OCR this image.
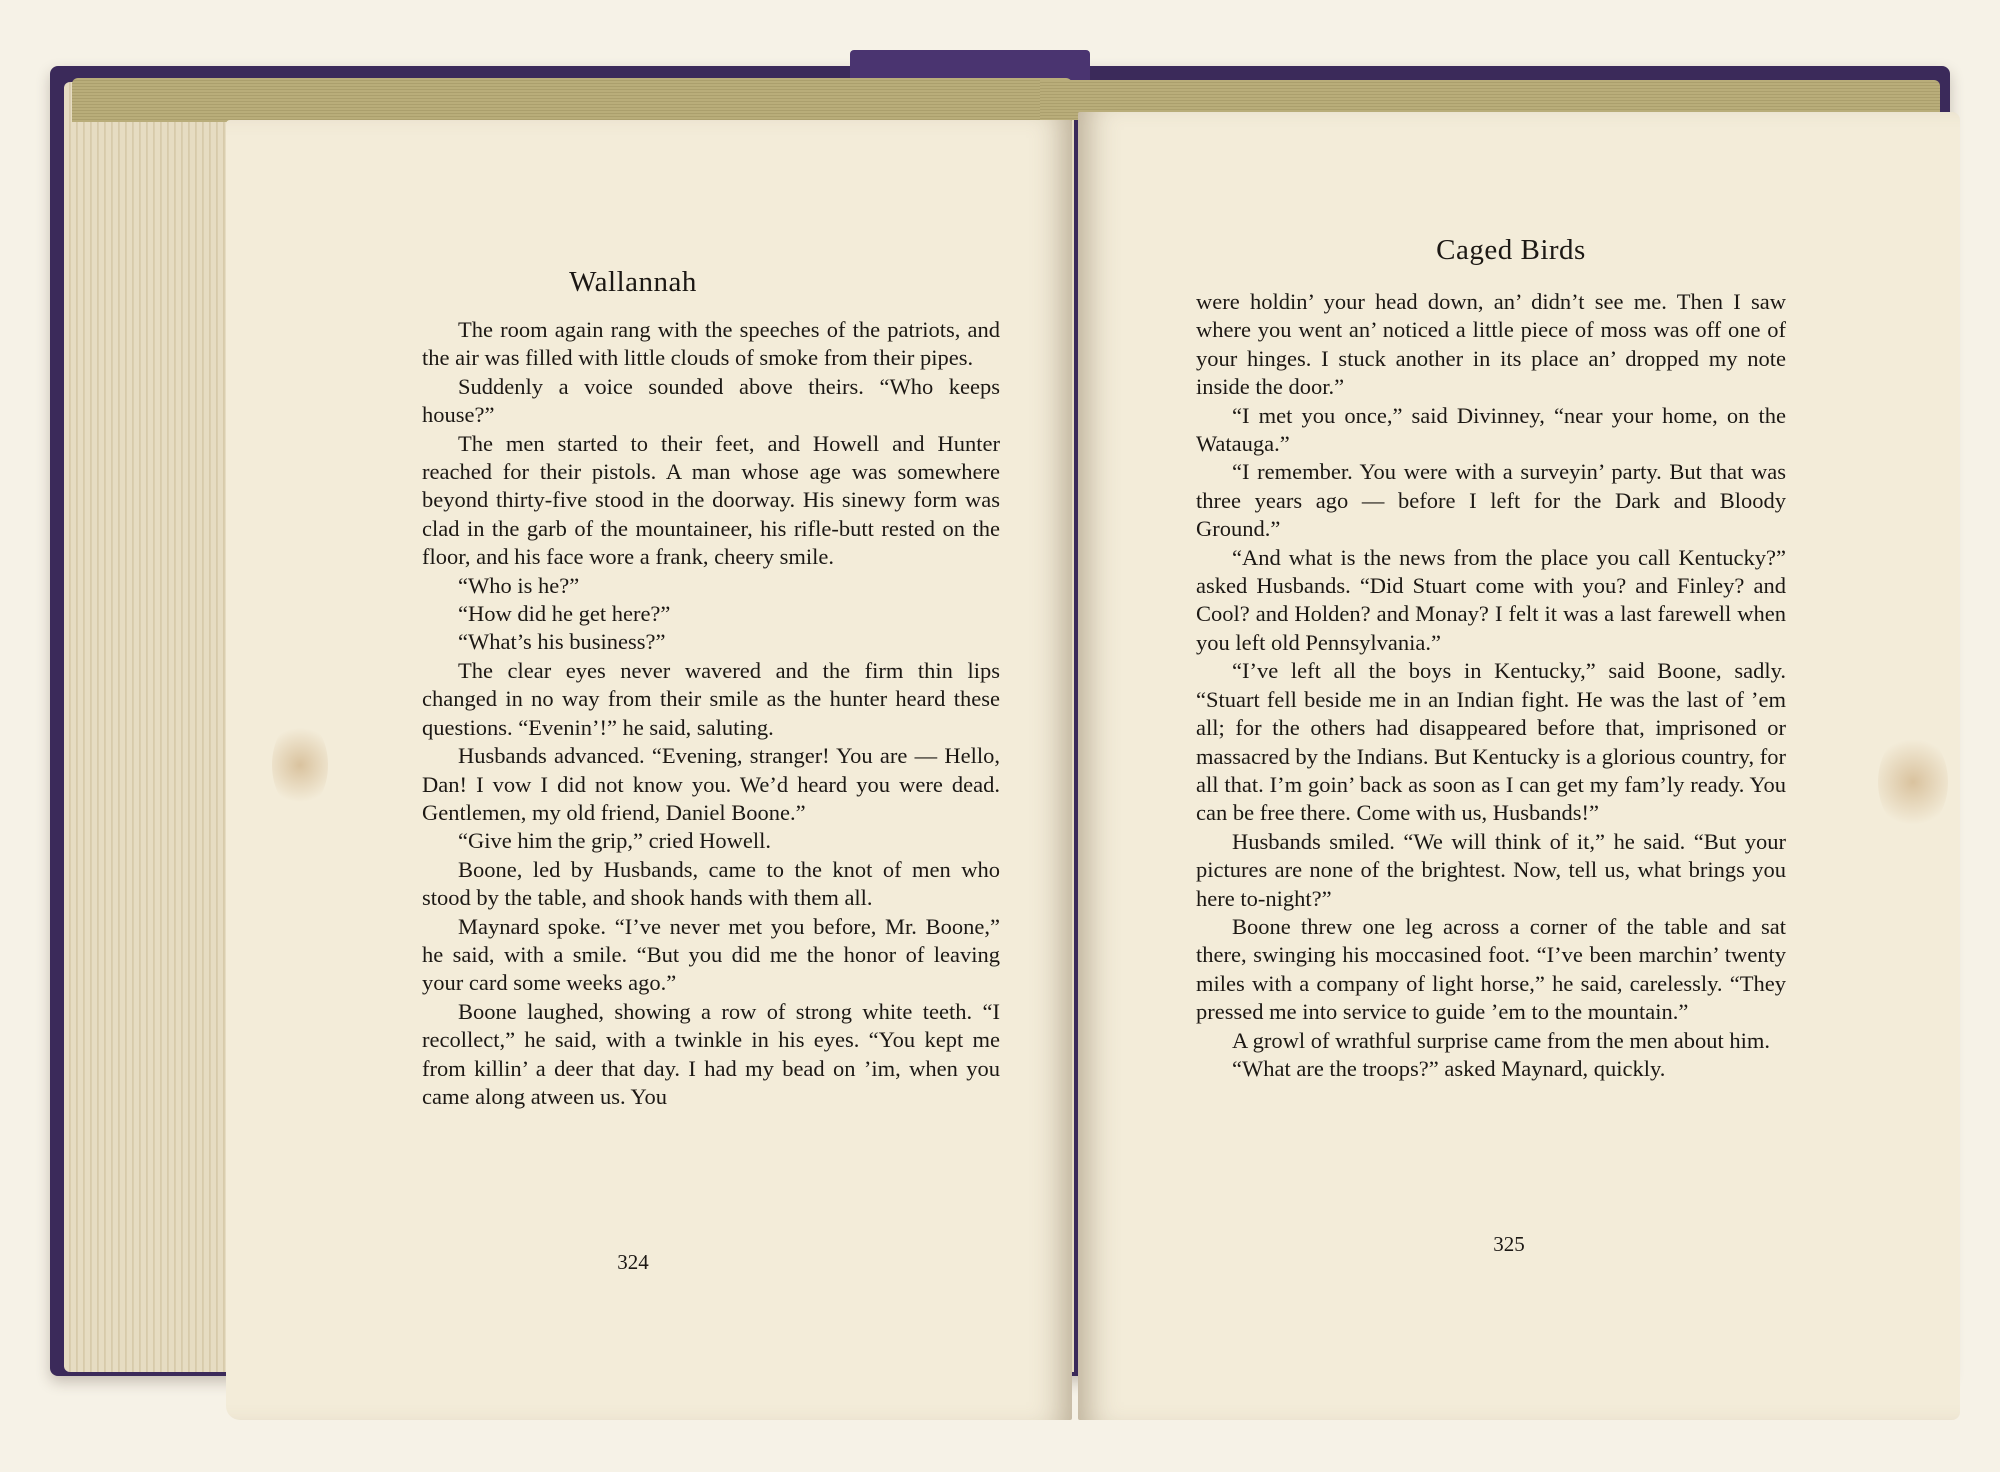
Wallannah

The room again rang with the speeches of the patriots, and the air was filled with little clouds of smoke from their pipes.

Suddenly a voice sounded above theirs. “Who keeps house?”

The men started to their feet, and Howell and Hunter reached for their pistols. A man whose age was somewhere beyond thirty-five stood in the doorway. His sinewy form was clad in the garb of the mountaineer, his rifle-butt rested on the floor, and his face wore a frank, cheery smile.

“Who is he?”

“How did he get here?”

“What’s his business?”

The clear eyes never wavered and the firm thin lips changed in no way from their smile as the hunter heard these questions. “Evenin’!” he said, saluting.

Husbands advanced. “Evening, stranger! You are — Hello, Dan! I vow I did not know you. We’d heard you were dead. Gentlemen, my old friend, Daniel Boone.”

“Give him the grip,” cried Howell.

Boone, led by Husbands, came to the knot of men who stood by the table, and shook hands with them all.

Maynard spoke. “I’ve never met you before, Mr. Boone,” he said, with a smile. “But you did me the honor of leaving your card some weeks ago.”

Boone laughed, showing a row of strong white teeth. “I recollect,” he said, with a twinkle in his eyes. “You kept me from killin’ a deer that day. I had my bead on ’im, when you came along atween us. You

324
Caged Birds

were holdin’ your head down, an’ didn’t see me. Then I saw where you went an’ noticed a little piece of moss was off one of your hinges. I stuck another in its place an’ dropped my note inside the door.”

“I met you once,” said Divinney, “near your home, on the Watauga.”

“I remember. You were with a surveyin’ party. But that was three years ago — before I left for the Dark and Bloody Ground.”

“And what is the news from the place you call Kentucky?” asked Husbands. “Did Stuart come with you? and Finley? and Cool? and Holden? and Monay? I felt it was a last farewell when you left old Pennsylvania.”

“I’ve left all the boys in Kentucky,” said Boone, sadly. “Stuart fell beside me in an Indian fight. He was the last of ’em all; for the others had disappeared before that, imprisoned or massacred by the Indians. But Kentucky is a glorious country, for all that. I’m goin’ back as soon as I can get my fam’ly ready. You can be free there. Come with us, Husbands!”

Husbands smiled. “We will think of it,” he said. “But your pictures are none of the brightest. Now, tell us, what brings you here to-night?”

Boone threw one leg across a corner of the table and sat there, swinging his moccasined foot. “I’ve been marchin’ twenty miles with a company of light horse,” he said, carelessly. “They pressed me into service to guide ’em to the mountain.”

A growl of wrathful surprise came from the men about him.

“What are the troops?” asked Maynard, quickly.

325
